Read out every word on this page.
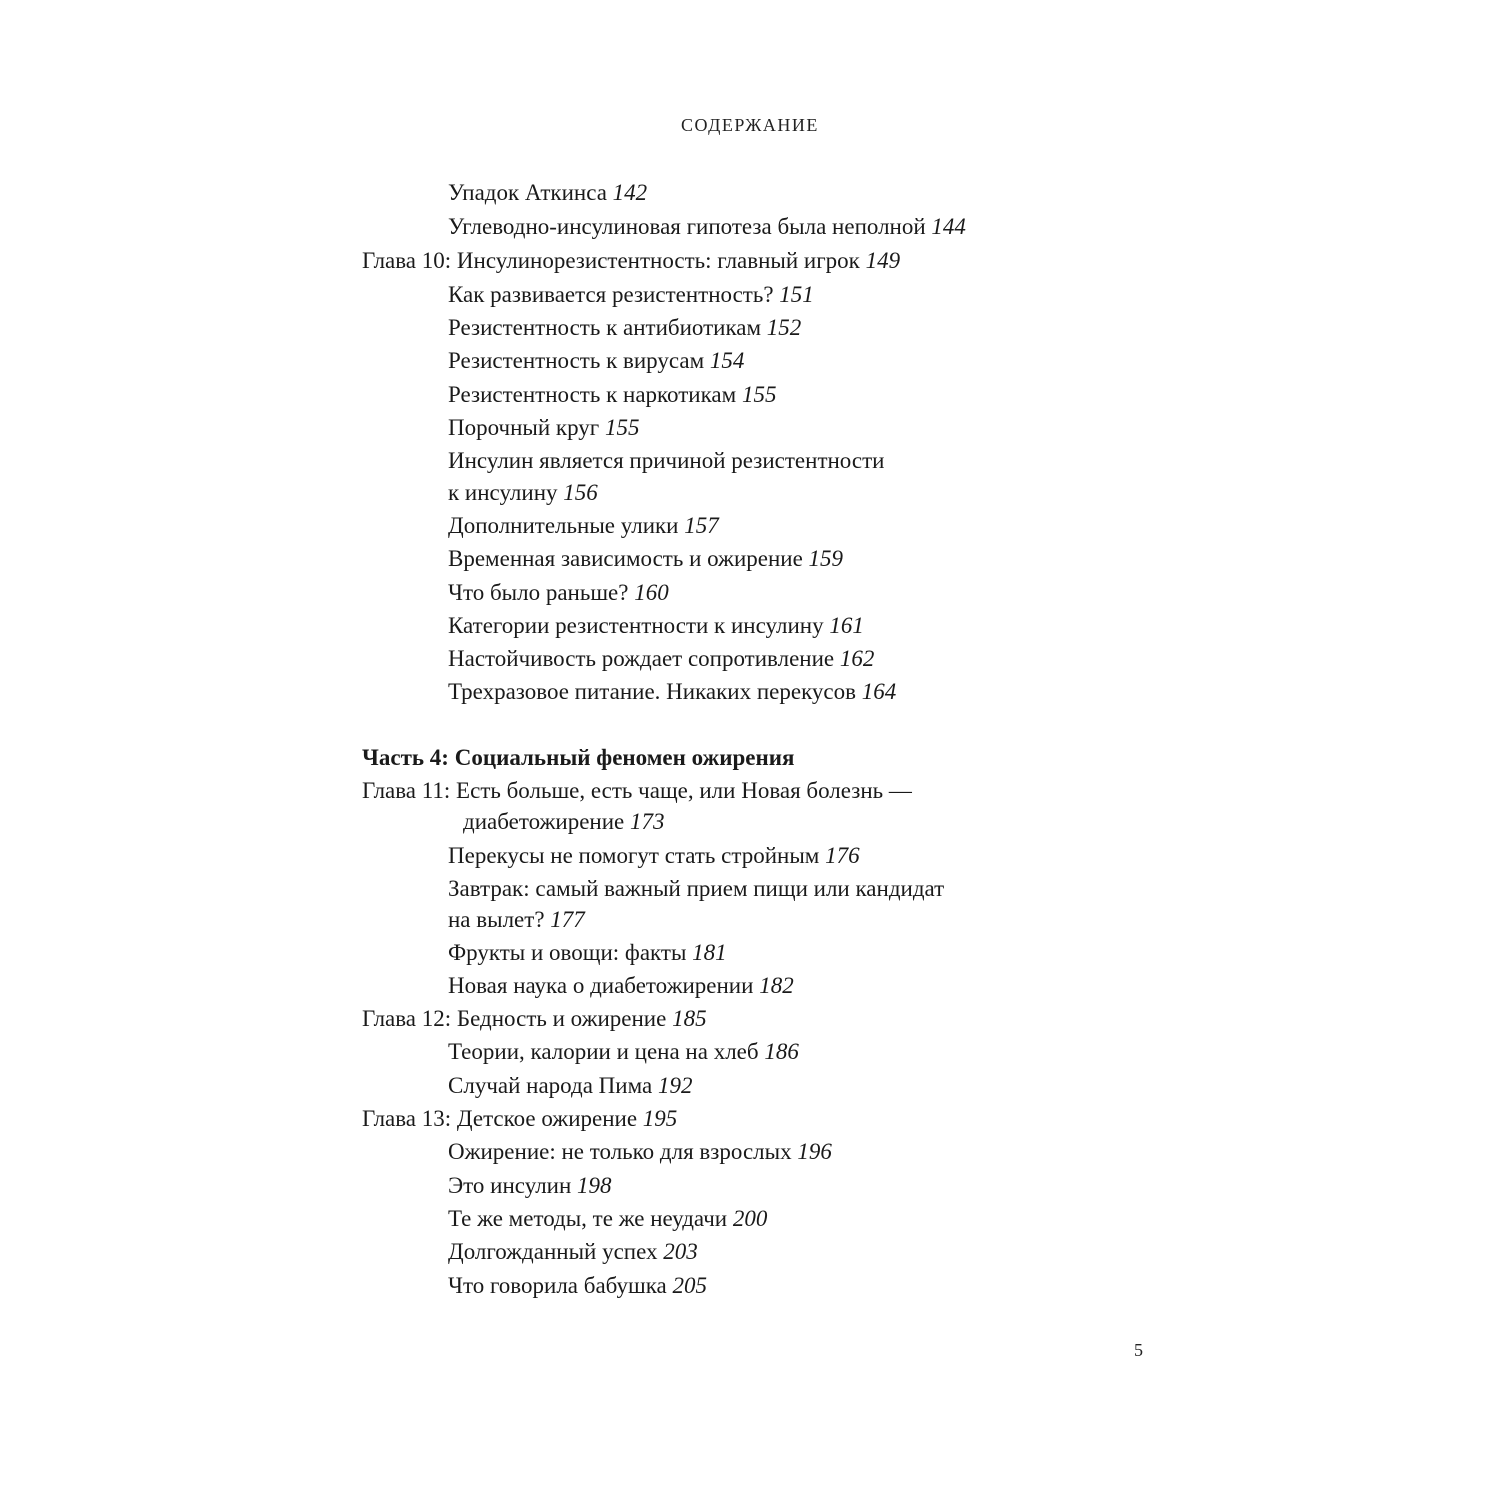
СОДЕРЖАНИЕ
Упадок Аткинса 142
Углеводно-инсулиновая гипотеза была неполной 144
Глава 10: Инсулинорезистентность: главный игрок 149
Как развивается резистентность? 151
Резистентность к антибиотикам 152
Резистентность к вирусам 154
Резистентность к наркотикам 155
Порочный круг 155
Инсулин является причиной резистентности
к инсулину 156
Дополнительные улики 157
Временная зависимость и ожирение 159
Что было раньше? 160
Категории резистентности к инсулину 161
Настойчивость рождает сопротивление 162
Трехразовое питание. Никаких перекусов 164
Часть 4: Социальный феномен ожирения
Глава 11: Есть больше, есть чаще, или Новая болезнь —
диабетожирение 173
Перекусы не помогут стать стройным 176
Завтрак: самый важный прием пищи или кандидат
на вылет? 177
Фрукты и овощи: факты 181
Новая наука о диабетожирении 182
Глава 12: Бедность и ожирение 185
Теории, калории и цена на хлеб 186
Случай народа Пима 192
Глава 13: Детское ожирение 195
Ожирение: не только для взрослых 196
Это инсулин 198
Те же методы, те же неудачи 200
Долгожданный успех 203
Что говорила бабушка 205
5
